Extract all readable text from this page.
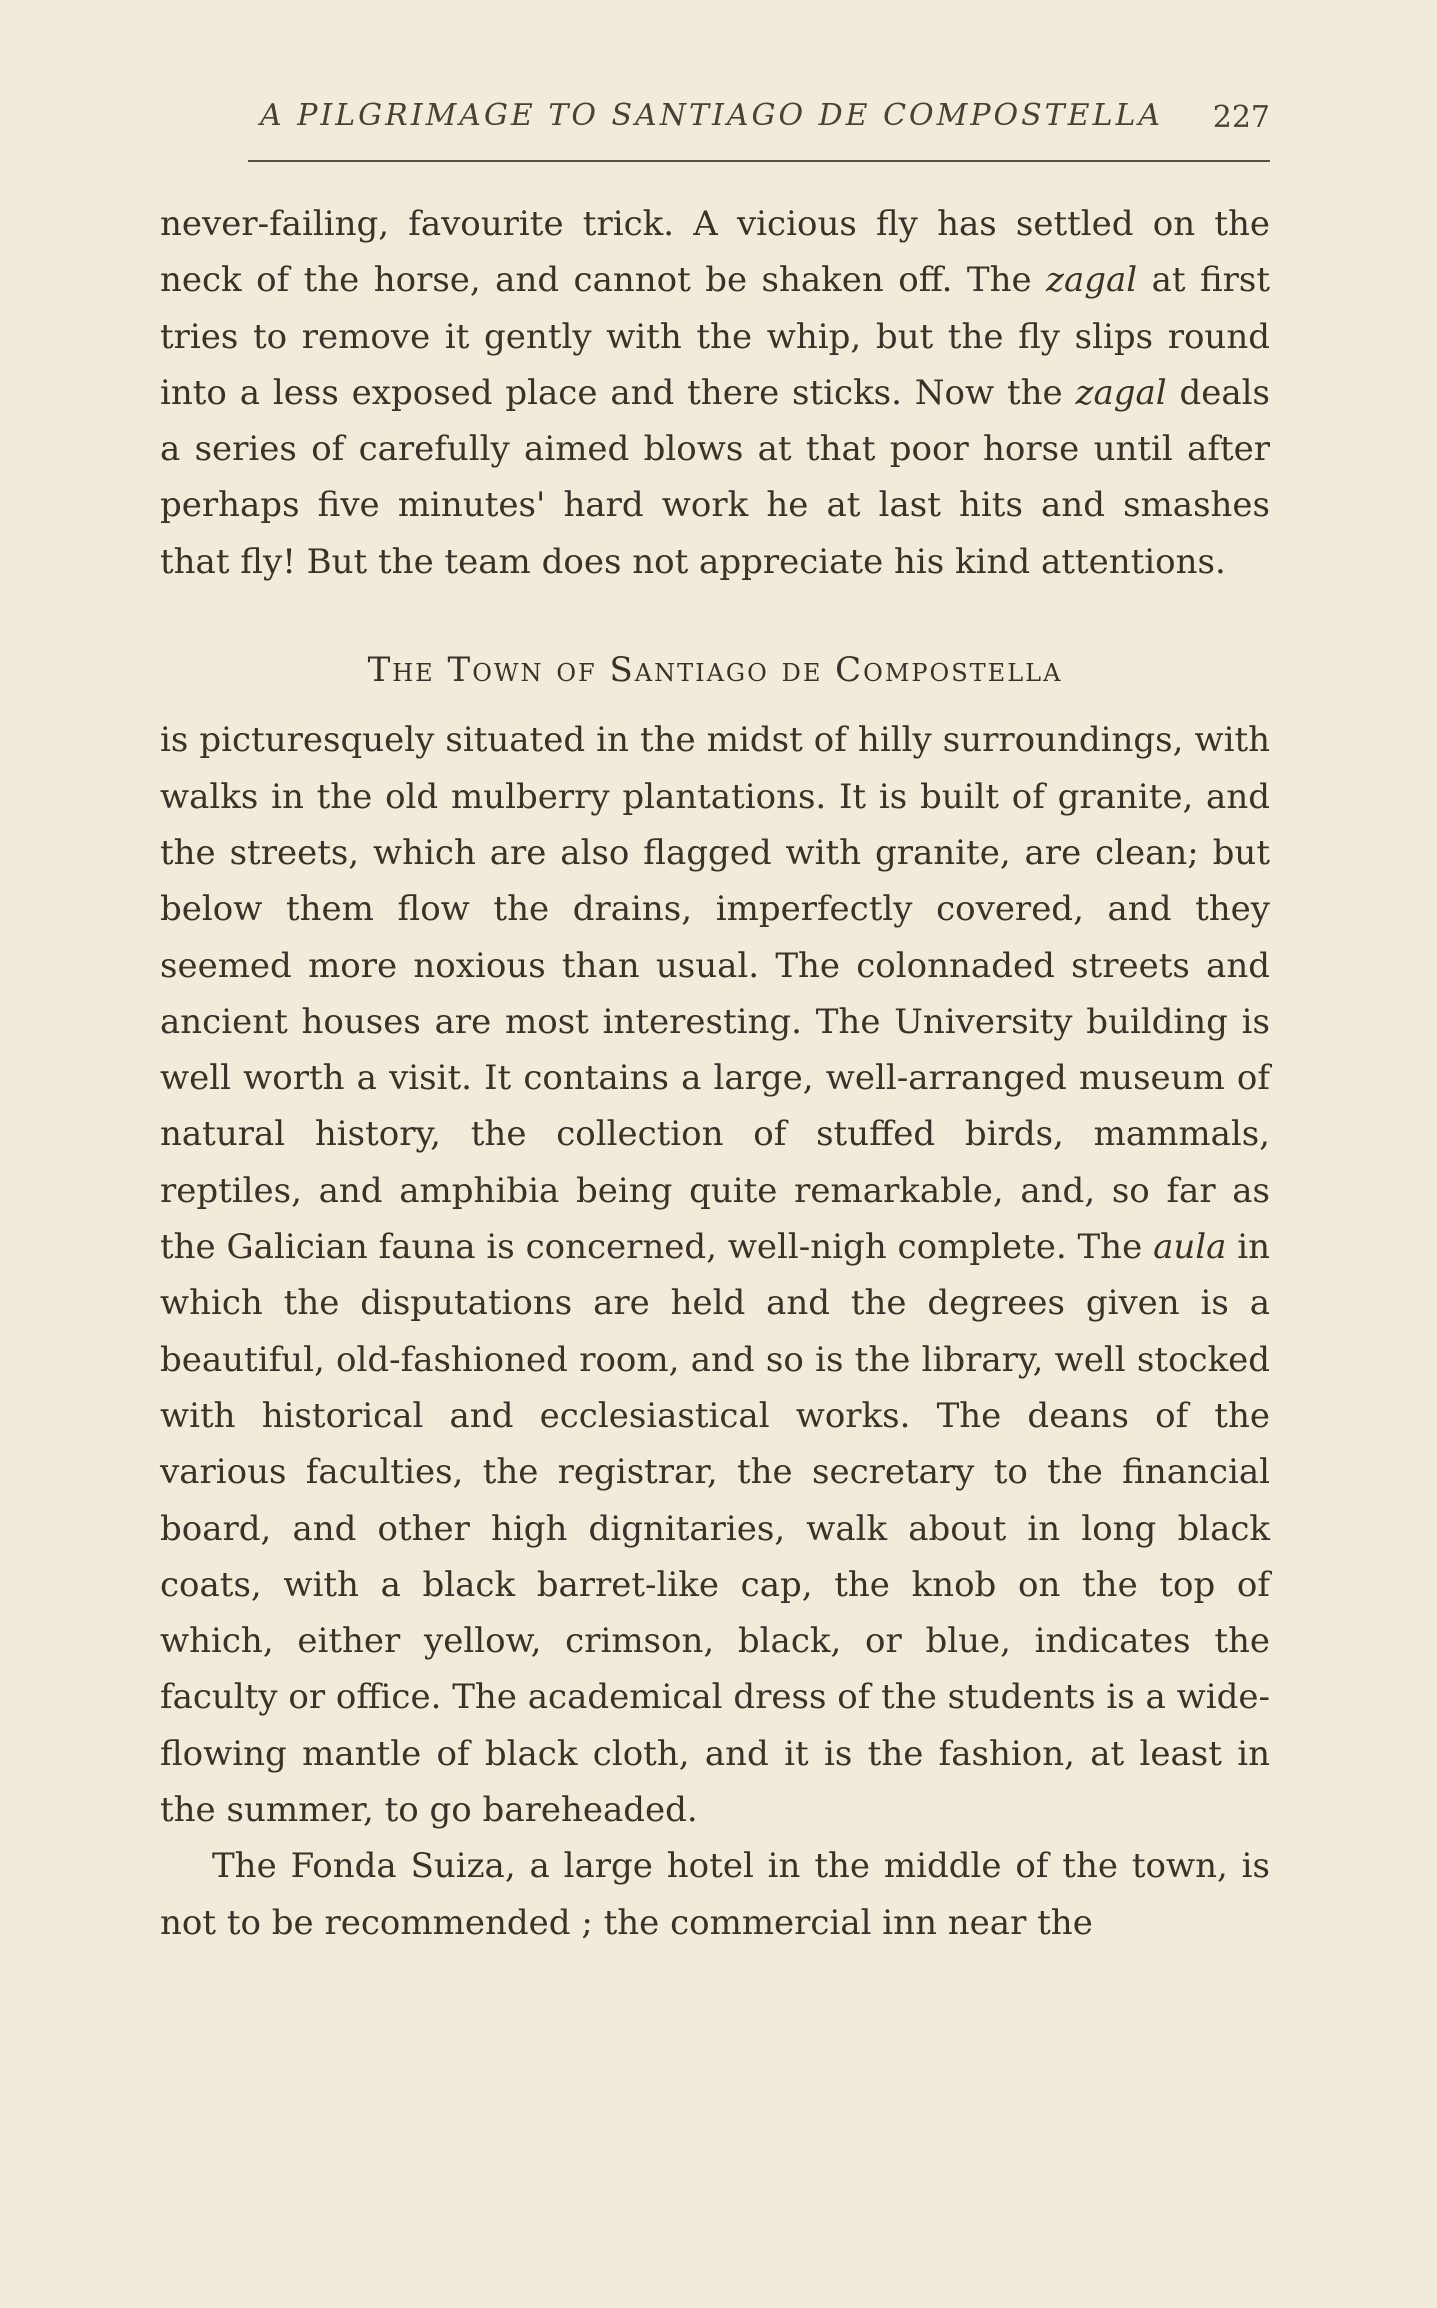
A PILGRIMAGE TO SANTIAGO DE COMPOSTELLA 227

never-failing, favourite trick. A vicious fly has settled on the neck of the horse, and cannot be shaken off. The zagal at first tries to remove it gently with the whip, but the fly slips round into a less exposed place and there sticks. Now the zagal deals a series of carefully aimed blows at that poor horse until after perhaps five minutes' hard work he at last hits and smashes that fly! But the team does not appreciate his kind attentions.

The Town of Santiago de Compostella

is picturesquely situated in the midst of hilly surroundings, with walks in the old mulberry plantations. It is built of granite, and the streets, which are also flagged with granite, are clean; but below them flow the drains, imperfectly covered, and they seemed more noxious than usual. The colonnaded streets and ancient houses are most interesting. The University building is well worth a visit. It contains a large, well-arranged museum of natural history, the collection of stuffed birds, mammals, reptiles, and amphibia being quite remarkable, and, so far as the Galician fauna is concerned, well-nigh complete. The aula in which the disputations are held and the degrees given is a beautiful, old-fashioned room, and so is the library, well stocked with historical and ecclesiastical works. The deans of the various faculties, the registrar, the secretary to the financial board, and other high dignitaries, walk about in long black coats, with a black barret-like cap, the knob on the top of which, either yellow, crimson, black, or blue, indicates the faculty or office. The academical dress of the students is a wide-flowing mantle of black cloth, and it is the fashion, at least in the summer, to go bareheaded.

The Fonda Suiza, a large hotel in the middle of the town, is not to be recommended ; the commercial inn near the
